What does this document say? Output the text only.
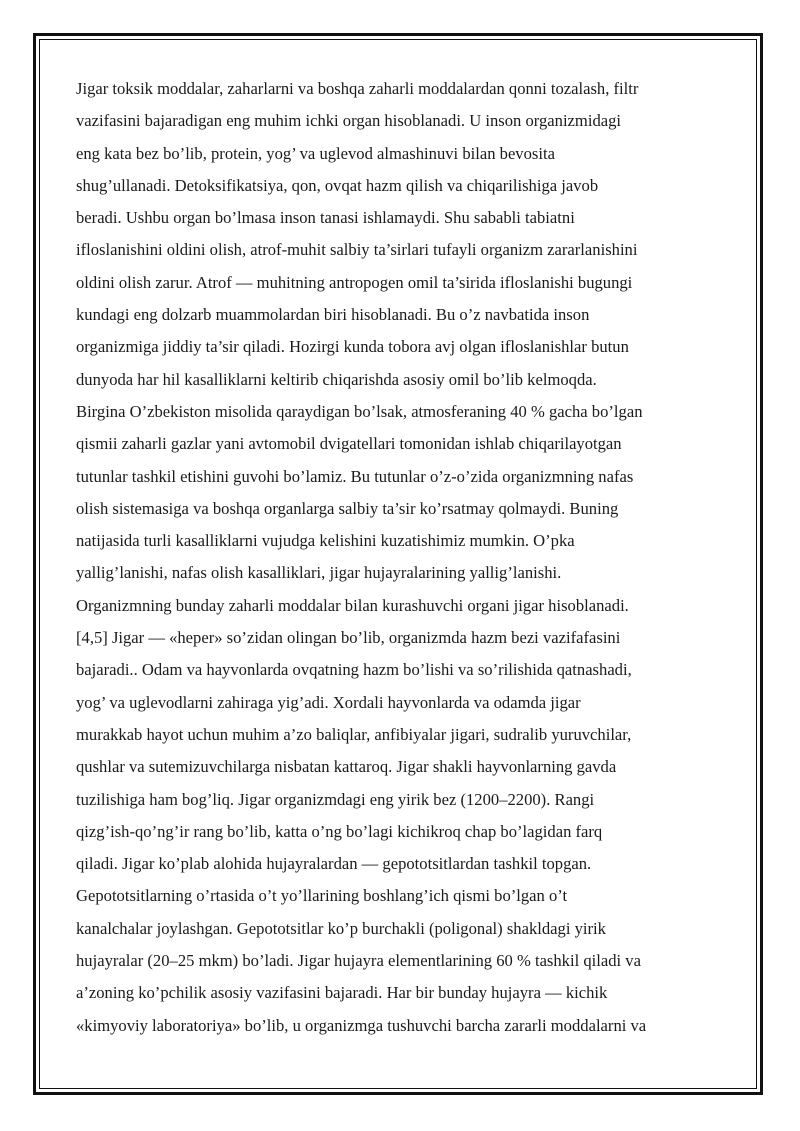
Jigar toksik moddalar, zaharlarni va boshqa zaharli moddalardan qonni tozalash, filtr

vazifasini bajaradigan eng muhim ichki organ hisoblanadi. U inson organizmidagi

eng kata bez bo’lib, protein, yog’ va uglevod almashinuvi bilan bevosita

shug’ullanadi. Detoksifikatsiya, qon, ovqat hazm qilish va chiqarilishiga javob

beradi. Ushbu organ bo’lmasa inson tanasi ishlamaydi. Shu sababli tabiatni

ifloslanishini oldini olish, atrof-muhit salbiy ta’sirlari tufayli organizm zararlanishini

oldini olish zarur. Atrof — muhitning antropogen omil ta’sirida ifloslanishi bugungi

kundagi eng dolzarb muammolardan biri hisoblanadi. Bu o’z navbatida inson

organizmiga jiddiy ta’sir qiladi. Hozirgi kunda tobora avj olgan ifloslanishlar butun

dunyoda har hil kasalliklarni keltirib chiqarishda asosiy omil bo’lib kelmoqda.

Birgina O’zbekiston misolida qaraydigan bo’lsak, atmosferaning 40 % gacha bo’lgan

qismii zaharli gazlar yani avtomobil dvigatellari tomonidan ishlab chiqarilayotgan

tutunlar tashkil etishini guvohi bo’lamiz. Bu tutunlar o’z-o’zida organizmning nafas

olish sistemasiga va boshqa organlarga salbiy ta’sir ko’rsatmay qolmaydi. Buning

natijasida turli kasalliklarni vujudga kelishini kuzatishimiz mumkin. O’pka

yallig’lanishi, nafas olish kasalliklari, jigar hujayralarining yallig’lanishi.

Organizmning bunday zaharli moddalar bilan kurashuvchi organi jigar hisoblanadi.

[4,5] Jigar — «heper» so’zidan olingan bo’lib, organizmda hazm bezi vazifafasini

bajaradi.. Odam va hayvonlarda ovqatning hazm bo’lishi va so’rilishida qatnashadi,

yog’ va uglevodlarni zahiraga yig’adi. Xordali hayvonlarda va odamda jigar

murakkab hayot uchun muhim a’zo baliqlar, anfibiyalar jigari, sudralib yuruvchilar,

qushlar va sutemizuvchilarga nisbatan kattaroq. Jigar shakli hayvonlarning gavda

tuzilishiga ham bog’liq. Jigar organizmdagi eng yirik bez (1200–2200). Rangi

qizg’ish-qo’ng’ir rang bo’lib, katta o’ng bo’lagi kichikroq chap bo’lagidan farq

qiladi. Jigar ko’plab alohida hujayralardan — gepototsitlardan tashkil topgan.

Gepototsitlarning o’rtasida o’t yo’llarining boshlang’ich qismi bo’lgan o’t

kanalchalar joylashgan. Gepototsitlar ko’p burchakli (poligonal) shakldagi yirik

hujayralar (20–25 mkm) bo’ladi. Jigar hujayra elementlarining 60 % tashkil qiladi va

a’zoning ko’pchilik asosiy vazifasini bajaradi. Har bir bunday hujayra — kichik

«kimyoviy laboratoriya» bo’lib, u organizmga tushuvchi barcha zararli moddalarni va
